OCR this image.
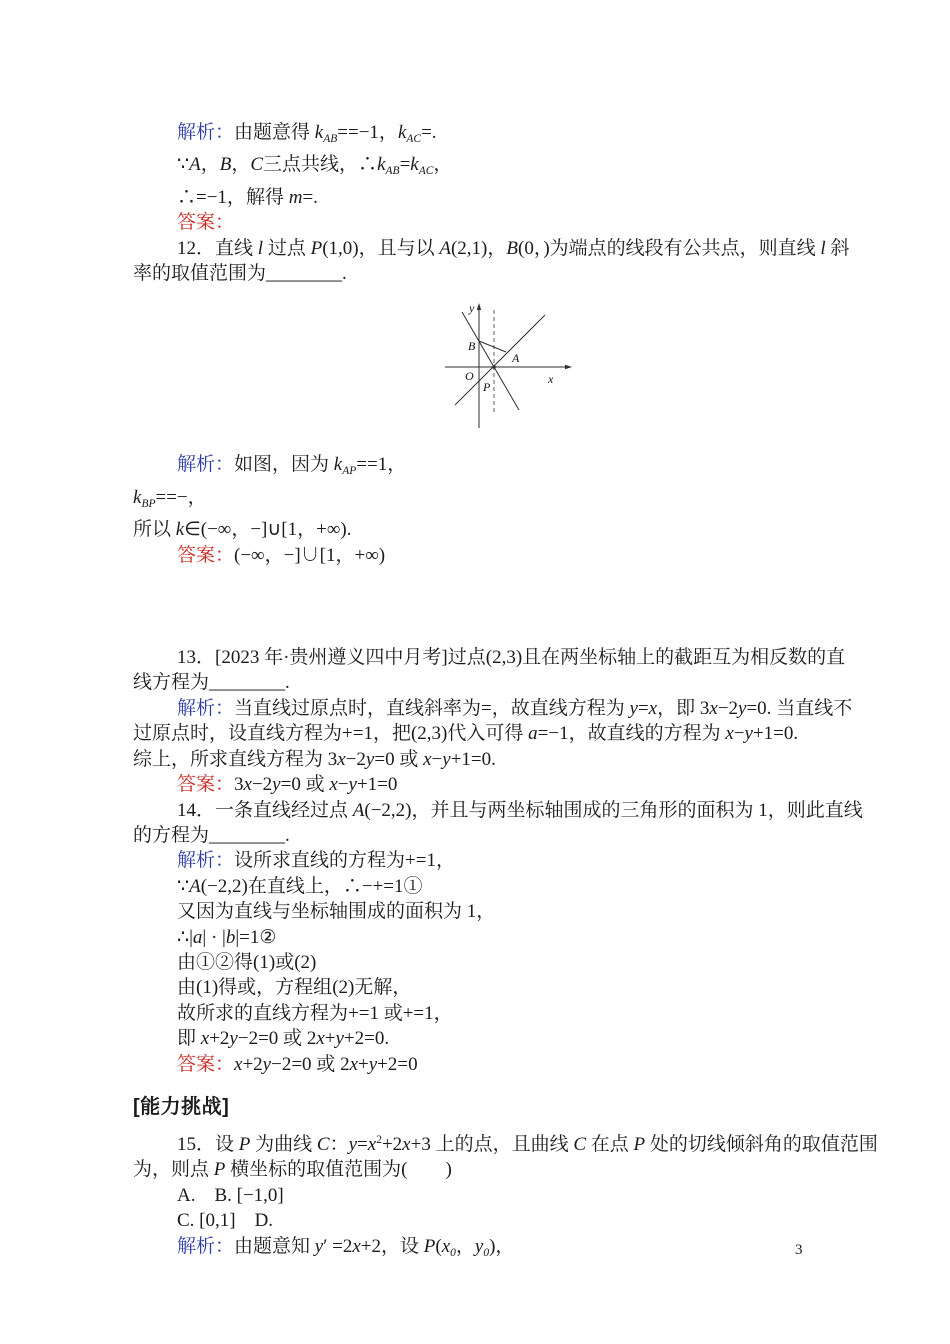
解析：由题意得 $k_{AB}==-1$，$k_{AC}=$.
∵A，B，C三点共线，$\therefore k_{AB}=k_{AC}$，
∴=−1，解得 m=.
答案：
12．直线 l 过点 P(1,0)，且与以 A(2,1)，B(0，)为端点的线段有公共点，则直线 l 斜
率的取值范围为________.
y
x
O
B
A
P
解析：如图，因为 $k_{AP}==1$，
$k_{BP}==-$，
所以 k∈(−∞，−]∪[1，+∞).
答案：(−∞，−]∪[1，+∞)
13．[2023 年·贵州遵义四中月考]过点(2,3)且在两坐标轴上的截距互为相反数的直
线方程为________.
解析：当直线过原点时，直线斜率为=，故直线方程为 y=x，即 3x−2y=0. 当直线不
过原点时，设直线方程为+=1，把(2,3)代入可得 a=−1，故直线的方程为 x−y+1=0.
综上，所求直线方程为 3x−2y=0 或 x−y+1=0.
答案：3x−2y=0 或 x−y+1=0
14．一条直线经过点 A(−2,2)，并且与两坐标轴围成的三角形的面积为 1，则此直线
的方程为________.
解析：设所求直线的方程为+=1，
∵A(−2,2)在直线上，∴−+=1①
又因为直线与坐标轴围成的面积为 1，
∴|a| · |b|=1②
由①②得(1)或(2)
由(1)得或，方程组(2)无解，
故所求的直线方程为+=1 或+=1，
即 x+2y−2=0 或 2x+y+2=0.
答案：x+2y−2=0 或 2x+y+2=0
[能力挑战]
15．设 P 为曲线 C：$y=x^2+2x+3$ 上的点，且曲线 C 在点 P 处的切线倾斜角的取值范围
为，则点 P 横坐标的取值范围为(　　)
A.　B. [−1,0]
C. [0,1]　D.
解析：由题意知 y′ =2x+2，设 $P(x_0$，$y_0$)，	3
